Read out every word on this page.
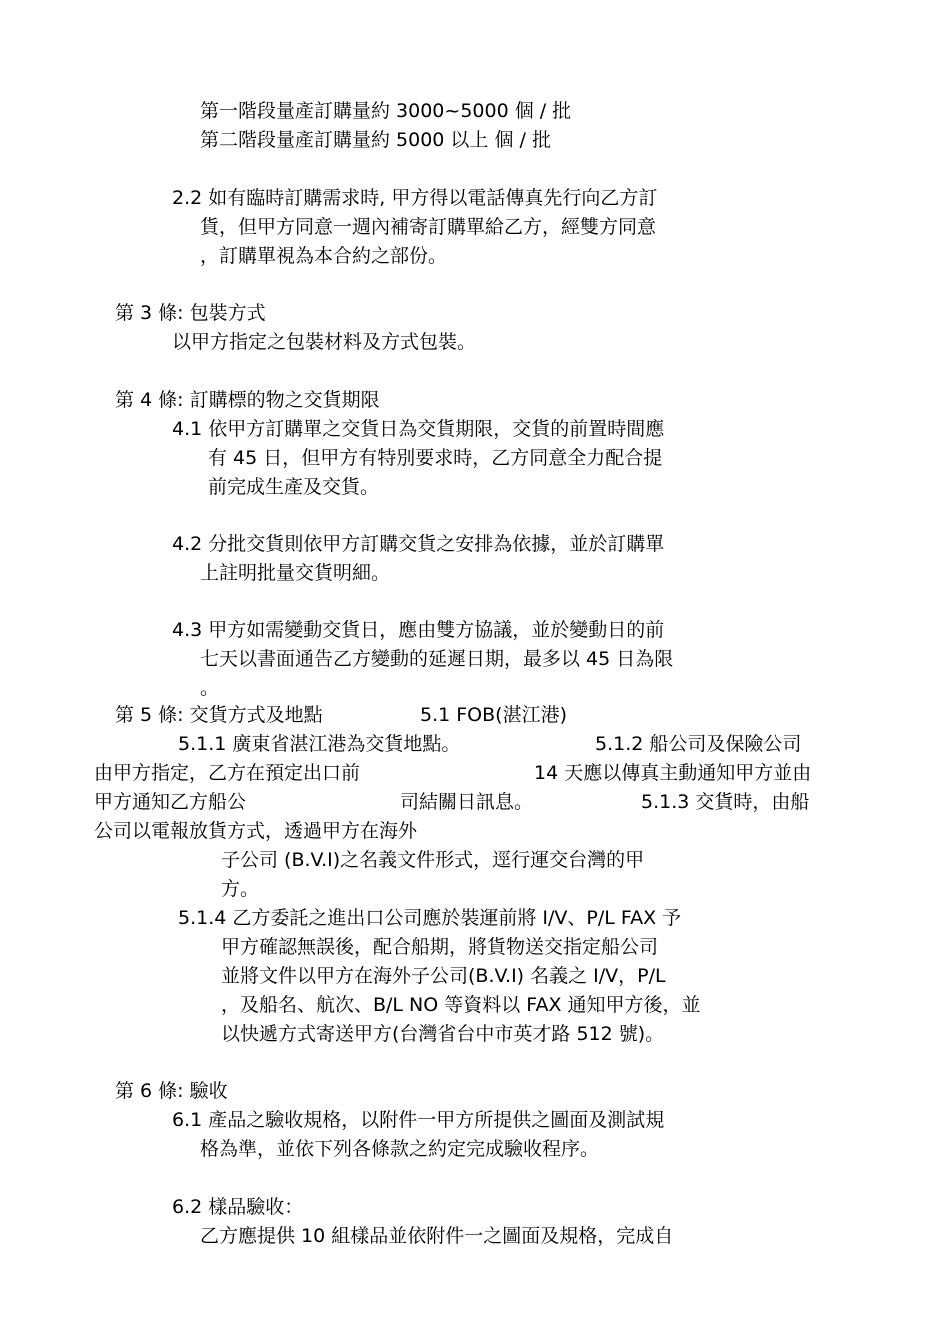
第一階段量產訂購量約 3000~5000 個 / 批
第二階段量產訂購量約 5000 以上 個 / 批
2.2 如有臨時訂購需求時, 甲方得以電話傳真先行向乙方訂
貨，但甲方同意一週內補寄訂購單給乙方，經雙方同意
，訂購單視為本合約之部份。
第 3 條: 包裝方式
以甲方指定之包裝材料及方式包裝。
第 4 條: 訂購標的物之交貨期限
4.1 依甲方訂購單之交貨日為交貨期限，交貨的前置時間應
有 45 日，但甲方有特別要求時，乙方同意全力配合提
前完成生產及交貨。
4.2 分批交貨則依甲方訂購交貨之安排為依據，並於訂購單
上註明批量交貨明細。
4.3 甲方如需變動交貨日，應由雙方協議，並於變動日的前
七天以書面通告乙方變動的延遲日期，最多以 45 日為限
。
第 5 條: 交貨方式及地點	5.1 FOB(湛江港)
5.1.1 廣東省湛江港為交貨地點。	5.1.2 船公司及保險公司
由甲方指定，乙方在預定出口前	14 天應以傳真主動通知甲方並由
甲方通知乙方船公	司結關日訊息。	5.1.3 交貨時，由船
公司以電報放貨方式，透過甲方在海外
子公司 (B.V.I)之名義文件形式，逕行運交台灣的甲
方。
5.1.4 乙方委託之進出口公司應於裝運前將 I/V、P/L FAX 予
甲方確認無誤後，配合船期，將貨物送交指定船公司
並將文件以甲方在海外子公司(B.V.I) 名義之 I/V，P/L
，及船名、航次、B/L NO 等資料以 FAX 通知甲方後，並
以快遞方式寄送甲方(台灣省台中市英才路 512 號)。
第 6 條: 驗收
6.1 產品之驗收規格，以附件一甲方所提供之圖面及測試規
格為準，並依下列各條款之約定完成驗收程序。
6.2 樣品驗收：
乙方應提供 10 組樣品並依附件一之圖面及規格，完成自
